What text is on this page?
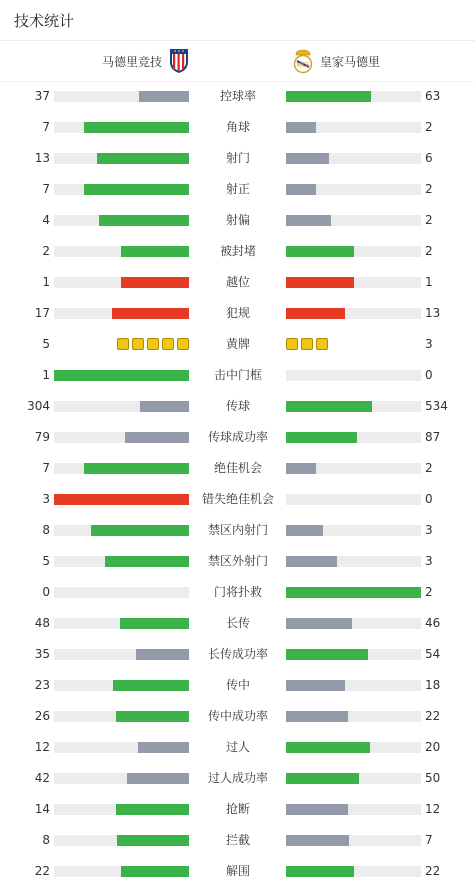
技术统计
马德里竞技	MCF 皇家马德里
37	控球率	63
7	角球	2
13	射门	6
7	射正	2
4	射偏	2
2	被封堵	2
1	越位	1
17	犯规	13
5	黄牌	3
1	击中门框	0
304	传球	534
79	传球成功率	87
7	绝佳机会	2
3	错失绝佳机会	0
8	禁区内射门	3
5	禁区外射门	3
0	门将扑救	2
48	长传	46
35	长传成功率	54
23	传中	18
26	传中成功率	22
12	过人	20
42	过人成功率	50
14	抢断	12
8	拦截	7
22	解围	22
